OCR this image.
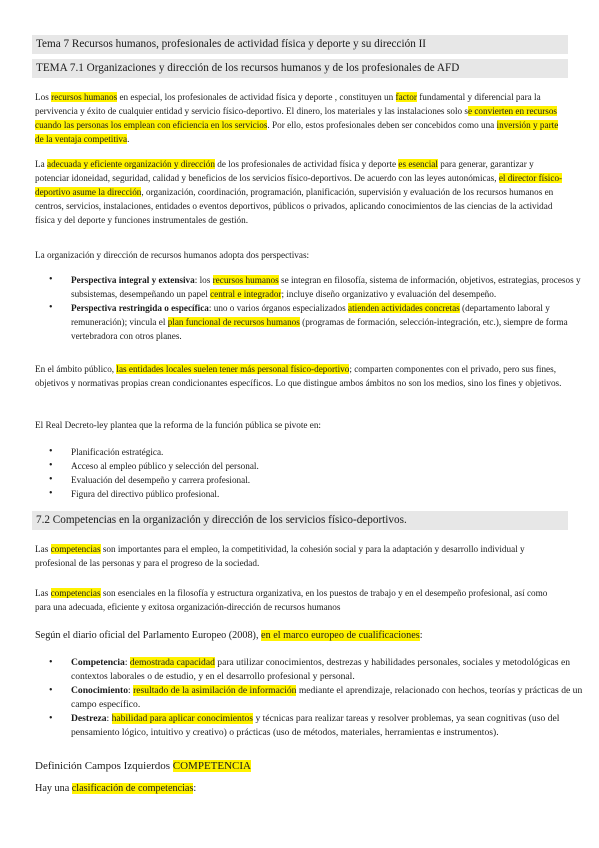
Tema 7 Recursos humanos, profesionales de actividad física y deporte y su dirección II
TEMA 7.1 Organizaciones y dirección de los recursos humanos y de los profesionales de AFD

Los recursos humanos en especial, los profesionales de actividad física y deporte , constituyen un factor fundamental y diferencial para la pervivencia y éxito de cualquier entidad y servicio físico-deportivo. El dinero, los materiales y las instalaciones solo se convierten en recursos cuando las personas los emplean con eficiencia en los servicios. Por ello, estos profesionales deben ser concebidos como una inversión y parte de la ventaja competitiva.

La adecuada y eficiente organización y dirección de los profesionales de actividad física y deporte es esencial para generar, garantizar y potenciar idoneidad, seguridad, calidad y beneficios de los servicios físico-deportivos. De acuerdo con las leyes autonómicas, el director físico-deportivo asume la dirección, organización, coordinación, programación, planificación, supervisión y evaluación de los recursos humanos en centros, servicios, instalaciones, entidades o eventos deportivos, públicos o privados, aplicando conocimientos de las ciencias de la actividad física y del deporte y funciones instrumentales de gestión.

La organización y dirección de recursos humanos adopta dos perspectivas:

• Perspectiva integral y extensiva: los recursos humanos se integran en filosofía, sistema de información, objetivos, estrategias, procesos y subsistemas, desempeñando un papel central e integrador; incluye diseño organizativo y evaluación del desempeño.
• Perspectiva restringida o específica: uno o varios órganos especializados atienden actividades concretas (departamento laboral y remuneración); vincula el plan funcional de recursos humanos (programas de formación, selección-integración, etc.), siempre de forma vertebradora con otros planes.

En el ámbito público, las entidades locales suelen tener más personal físico-deportivo; comparten componentes con el privado, pero sus fines, objetivos y normativas propias crean condicionantes específicos. Lo que distingue ambos ámbitos no son los medios, sino los fines y objetivos.

El Real Decreto-ley plantea que la reforma de la función pública se pivote en:

• Planificación estratégica.
• Acceso al empleo público y selección del personal.
• Evaluación del desempeño y carrera profesional.
• Figura del directivo público profesional.
7.2 Competencias en la organización y dirección de los servicios físico-deportivos.

Las competencias son importantes para el empleo, la competitividad, la cohesión social y para la adaptación y desarrollo individual y profesional de las personas y para el progreso de la sociedad.

Las competencias son esenciales en la filosofía y estructura organizativa, en los puestos de trabajo y en el desempeño profesional, así como para una adecuada, eficiente y exitosa organización-dirección de recursos humanos

Según el diario oficial del Parlamento Europeo (2008), en el marco europeo de cualificaciones:

• Competencia: demostrada capacidad para utilizar conocimientos, destrezas y habilidades personales, sociales y metodológicas en contextos laborales o de estudio, y en el desarrollo profesional y personal.
• Conocimiento: resultado de la asimilación de información mediante el aprendizaje, relacionado con hechos, teorías y prácticas de un campo específico.
• Destreza: habilidad para aplicar conocimientos y técnicas para realizar tareas y resolver problemas, ya sean cognitivas (uso del pensamiento lógico, intuitivo y creativo) o prácticas (uso de métodos, materiales, herramientas e instrumentos).

Definición Campos Izquierdos COMPETENCIA

Hay una clasificación de competencias:
